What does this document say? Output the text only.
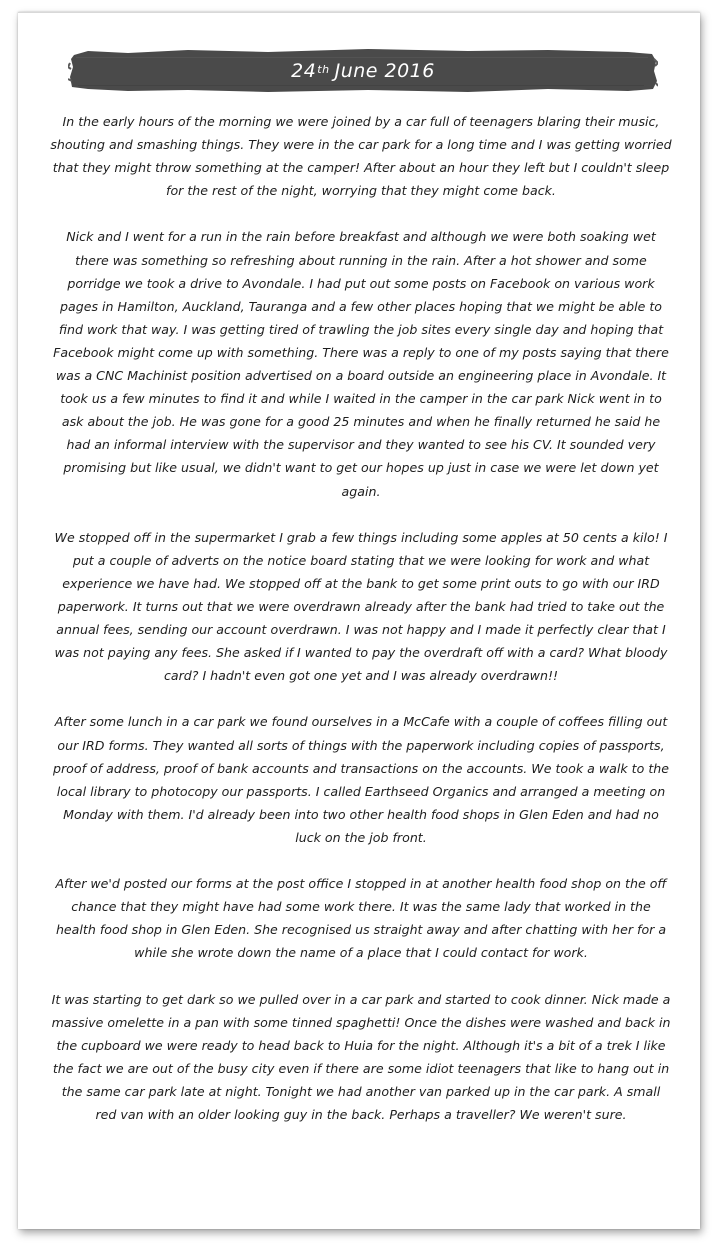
24th June 2016

In the early hours of the morning we were joined by a car full of teenagers blaring their music, shouting and smashing things. They were in the car park for a long time and I was getting worried that they might throw something at the camper! After about an hour they left but I couldn't sleep for the rest of the night, worrying that they might come back.

Nick and I went for a run in the rain before breakfast and although we were both soaking wet there was something so refreshing about running in the rain. After a hot shower and some porridge we took a drive to Avondale. I had put out some posts on Facebook on various work pages in Hamilton, Auckland, Tauranga and a few other places hoping that we might be able to find work that way. I was getting tired of trawling the job sites every single day and hoping that Facebook might come up with something. There was a reply to one of my posts saying that there was a CNC Machinist position advertised on a board outside an engineering place in Avondale. It took us a few minutes to find it and while I waited in the camper in the car park Nick went in to ask about the job. He was gone for a good 25 minutes and when he finally returned he said he had an informal interview with the supervisor and they wanted to see his CV. It sounded very promising but like usual, we didn't want to get our hopes up just in case we were let down yet again.

We stopped off in the supermarket I grab a few things including some apples at 50 cents a kilo! I put a couple of adverts on the notice board stating that we were looking for work and what experience we have had. We stopped off at the bank to get some print outs to go with our IRD paperwork. It turns out that we were overdrawn already after the bank had tried to take out the annual fees, sending our account overdrawn. I was not happy and I made it perfectly clear that I was not paying any fees. She asked if I wanted to pay the overdraft off with a card? What bloody card? I hadn't even got one yet and I was already overdrawn!!

After some lunch in a car park we found ourselves in a McCafe with a couple of coffees filling out our IRD forms. They wanted all sorts of things with the paperwork including copies of passports, proof of address, proof of bank accounts and transactions on the accounts. We took a walk to the local library to photocopy our passports. I called Earthseed Organics and arranged a meeting on Monday with them. I'd already been into two other health food shops in Glen Eden and had no luck on the job front.

After we'd posted our forms at the post office I stopped in at another health food shop on the off chance that they might have had some work there. It was the same lady that worked in the health food shop in Glen Eden. She recognised us straight away and after chatting with her for a while she wrote down the name of a place that I could contact for work.

It was starting to get dark so we pulled over in a car park and started to cook dinner. Nick made a massive omelette in a pan with some tinned spaghetti! Once the dishes were washed and back in the cupboard we were ready to head back to Huia for the night. Although it's a bit of a trek I like the fact we are out of the busy city even if there are some idiot teenagers that like to hang out in the same car park late at night. Tonight we had another van parked up in the car park. A small red van with an older looking guy in the back. Perhaps a traveller? We weren't sure.
